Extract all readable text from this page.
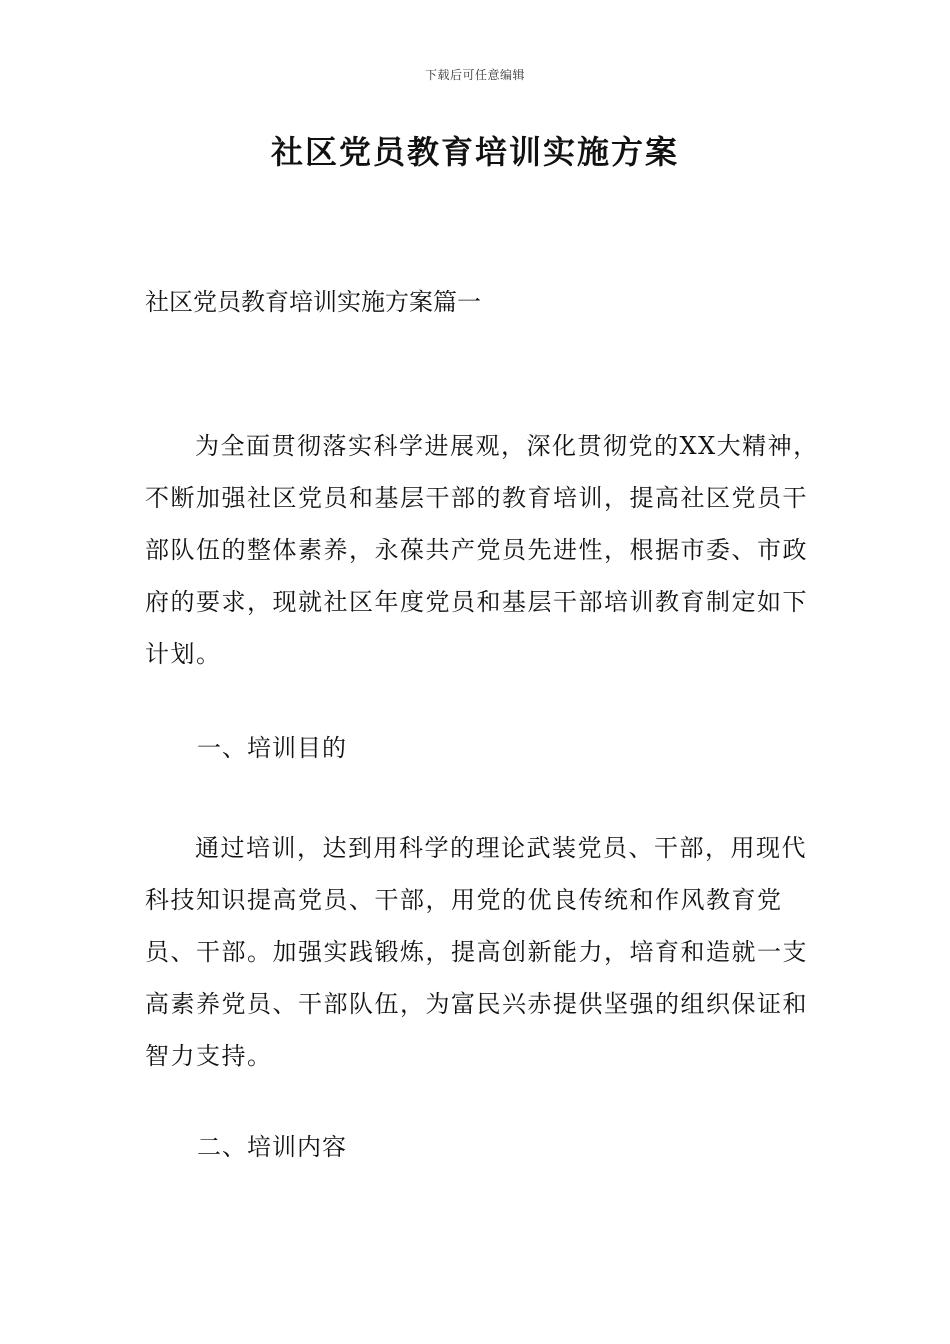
下载后可任意编辑
社区党员教育培训实施方案

社区党员教育培训实施方案篇一

为全面贯彻落实科学进展观，深化贯彻党的XX大精神，不断加强社区党员和基层干部的教育培训，提高社区党员干部队伍的整体素养，永葆共产党员先进性，根据市委、市政府的要求，现就社区年度党员和基层干部培训教育制定如下计划。

一、培训目的

通过培训，达到用科学的理论武装党员、干部，用现代科技知识提高党员、干部，用党的优良传统和作风教育党员、干部。加强实践锻炼，提高创新能力，培育和造就一支高素养党员、干部队伍，为富民兴赤提供坚强的组织保证和智力支持。

二、培训内容
